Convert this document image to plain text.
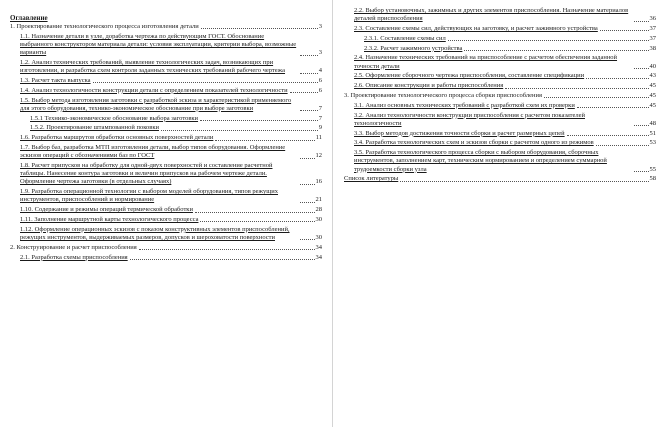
Оглавление
1. Проектирование технологического процесса изготовления детали	3
1.1. Назначение детали в узле, доработка чертежа по действующим ГОСТ. Обоснование выбранного конструктором материала детали: условия эксплуатации, критерии выбора, возможные варианты	3
1.2. Анализ технических требований, выявление технологических задач, возникающих при изготовлении, и разработка схем контроля заданных технических требований рабочего чертежа	4
1.3. Расчет такта выпуска	6
1.4. Анализ технологичности конструкции детали с определением показателей технологичности	6
1.5. Выбор метода изготовления заготовки с разработкой эскиза и характеристикой применяемого для этого оборудования, технико-экономическое обоснование при выборе заготовки	7
1.5.1 Технико-экономическое обоснование выбора заготовки	7
1.5.2. Проектирование штампованной поковки	9
1.6. Разработка маршрутов обработки основных поверхностей детали	11
1.7. Выбор баз, разработка МТП изготовления детали, выбор типов оборудования. Оформление эскизов операций с обозначениями баз по ГОСТ	12
1.8. Расчет припусков на обработку для одной-двух поверхностей и составление расчетной таблицы. Нанесение контура заготовки и величин припусков на рабочем чертеже детали. Оформление чертежа заготовки (в отдельных случаях)	16
1.9. Разработка операционной технологии с выбором моделей оборудования, типов режущих инструментов, приспособлений и нормирование	21
1.10. Содержание и режимы операций термической обработки	28
1.11. Заполнение маршрутной карты технологического процесса	30
1.12. Оформление операционных эскизов с показом конструктивных элементов приспособлений, режущих инструментов, выдерживаемых размеров, допусков и шероховатости поверхности	30
2. Конструирование и расчет приспособления	34
2.1. Разработка схемы приспособления	34
2.2. Выбор установочных, зажимных и других элементов приспособления. Назначение материалов деталей приспособления	36
2.3. Составление схемы сил, действующих на заготовку, и расчет зажимного устройства	37
2.3.1. Составление схемы сил	37
2.3.2. Расчет зажимного устройства	38
2.4. Назначение технических требований на приспособление с расчетом обеспечения заданной точности детали	40
2.5. Оформление сборочного чертежа приспособления, составление спецификации	43
2.6. Описание конструкции и работы приспособления	45
3. Проектирование технологического процесса сборки приспособления	45
3.1. Анализ основных технических требований с разработкой схем их проверки	45
3.2. Анализ технологичности конструкции приспособления с расчетом показателей технологичности	48
3.3. Выбор методов достижения точности сборки и расчет размерных цепей	51
3.4. Разработка технологических схем и эскизов сборки с расчетом одного из режимов	53
3.5. Разработка технологического процесса сборки с выбором оборудования, сборочных инструментов, заполнением карт, техническим нормированием и определением суммарной трудоемкости сборки узла	55
Список литературы	58
